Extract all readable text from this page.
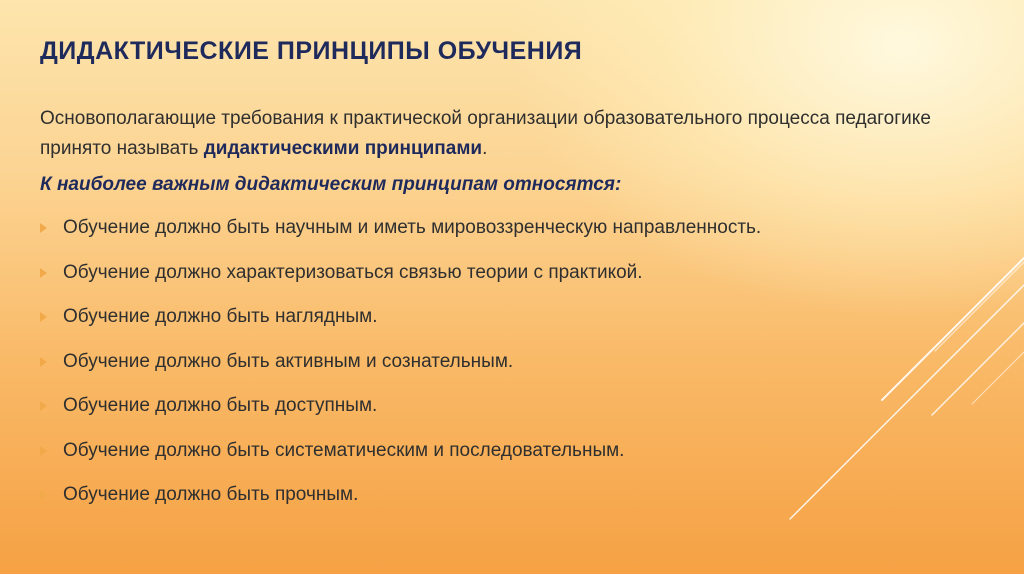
ДИДАКТИЧЕСКИЕ ПРИНЦИПЫ ОБУЧЕНИЯ

Основополагающие требования к практической организации образовательного процесса педагогике принято называть дидактическими принципами.

К наиболее важным дидактическим принципам относятся:

Обучение должно быть научным и иметь мировоззренческую направленность.
Обучение должно характеризоваться связью теории с практикой.
Обучение должно быть наглядным.
Обучение должно быть активным и сознательным.
Обучение должно быть доступным.
Обучение должно быть систематическим и последовательным.
Обучение должно быть прочным.
